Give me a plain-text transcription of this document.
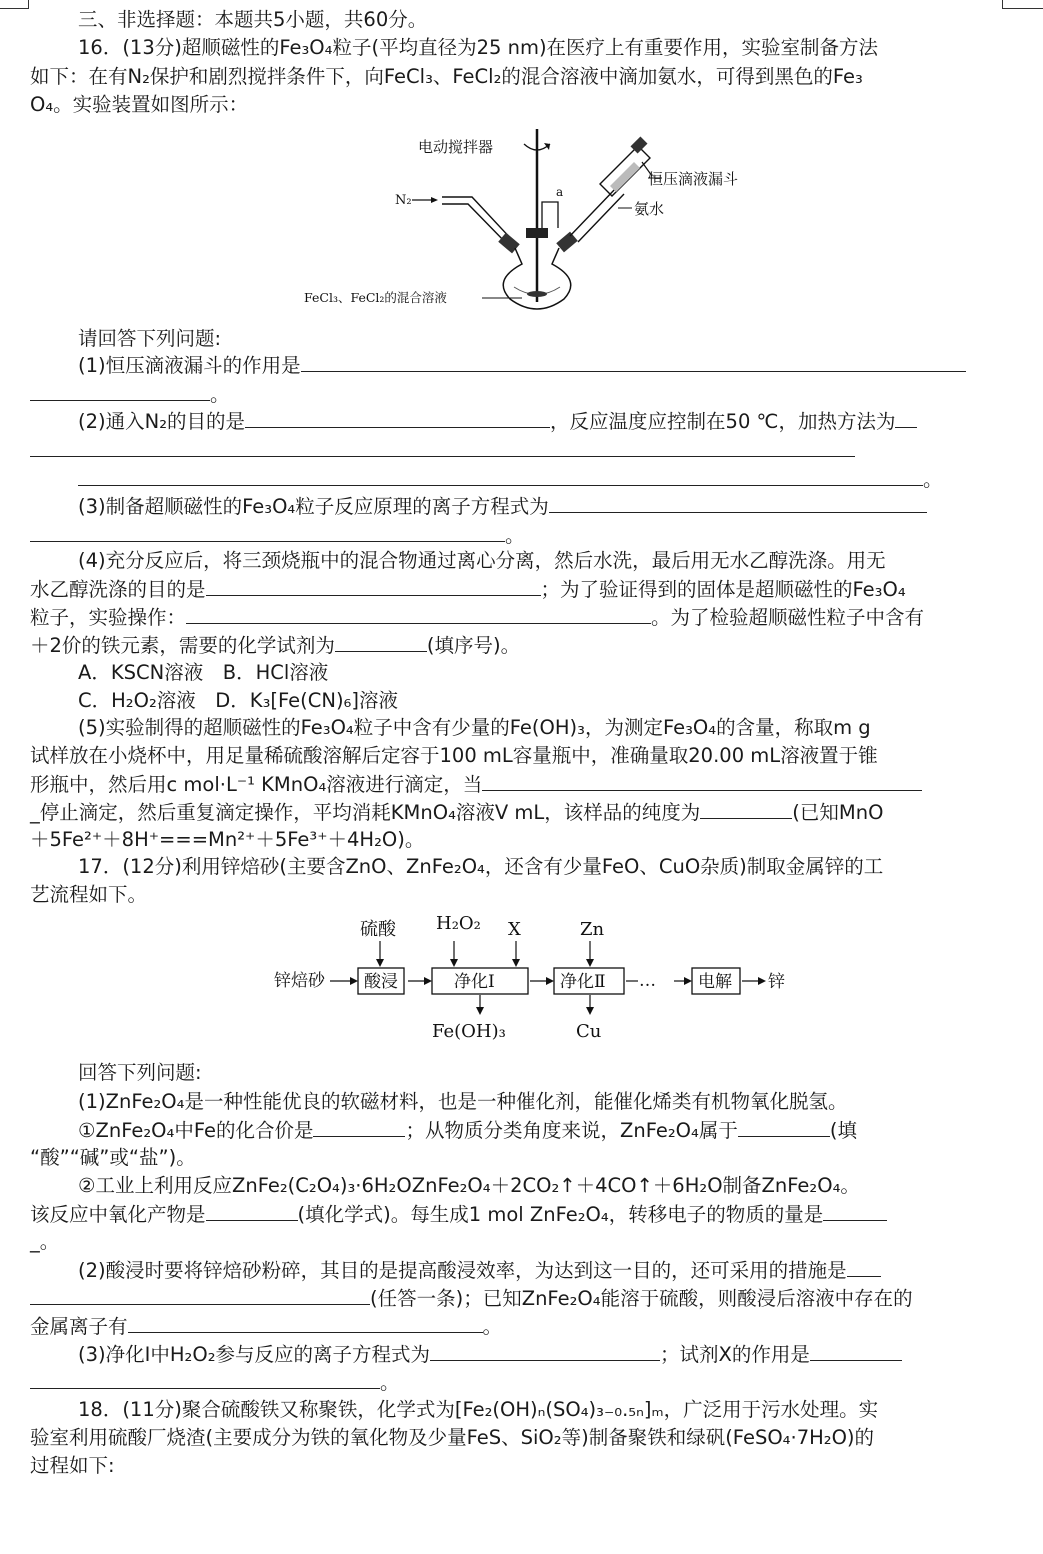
三、非选择题：本题共5小题，共60分。
16．(13分)超顺磁性的Fe₃O₄粒子(平均直径为25 nm)在医疗上有重要作用，实验室制备方法
如下：在有N₂保护和剧烈搅拌条件下，向FeCl₃、FeCl₂的混合溶液中滴加氨水，可得到黑色的Fe₃
O₄。实验装置如图所示：
电动搅拌器
N₂
a
恒压滴液漏斗
氨水
FeCl₃、FeCl₂的混合溶液
请回答下列问题:
(1)恒压滴液漏斗的作用是
。
(2)通入N₂的目的是	，反应温度应控制在50 ℃，加热方法为
。
(3)制备超顺磁性的Fe₃O₄粒子反应原理的离子方程式为
。
(4)充分反应后，将三颈烧瓶中的混合物通过离心分离，然后水洗，最后用无水乙醇洗涤。用无
水乙醇洗涤的目的是	；为了验证得到的固体是超顺磁性的Fe₃O₄
粒子，实验操作：	。为了检验超顺磁性粒子中含有
＋2价的铁元素，需要的化学试剂为	(填序号)。
A．KSCN溶液　B．HCl溶液
C．H₂O₂溶液　D．K₃[Fe(CN)₆]溶液
(5)实验制得的超顺磁性的Fe₃O₄粒子中含有少量的Fe(OH)₃，为测定Fe₃O₄的含量，称取m g
试样放在小烧杯中，用足量稀硫酸溶解后定容于100 mL容量瓶中，准确量取20.00 mL溶液置于锥
形瓶中，然后用c mol·L⁻¹ KMnO₄溶液进行滴定，当
_停止滴定，然后重复滴定操作，平均消耗KMnO₄溶液V mL，该样品的纯度为	(已知MnO
＋5Fe²⁺＋8H⁺===Mn²⁺＋5Fe³⁺＋4H₂O)。
17．(12分)利用锌焙砂(主要含ZnO、ZnFe₂O₄，还含有少量FeO、CuO杂质)制取金属锌的工
艺流程如下。
硫酸 H₂O₂ X	Zn
锌焙砂 酸浸	净化Ⅰ	净化Ⅱ … 电解 锌
Fe(OH)₃	Cu
回答下列问题:
(1)ZnFe₂O₄是一种性能优良的软磁材料，也是一种催化剂，能催化烯类有机物氧化脱氢。
①ZnFe₂O₄中Fe的化合价是	；从物质分类角度来说，ZnFe₂O₄属于	(填
“酸”“碱”或“盐”)。
②工业上利用反应ZnFe₂(C₂O₄)₃·6H₂OZnFe₂O₄＋2CO₂↑＋4CO↑＋6H₂O制备ZnFe₂O₄。
该反应中氧化产物是	(填化学式)。每生成1 mol ZnFe₂O₄，转移电子的物质的量是
_。
(2)酸浸时要将锌焙砂粉碎，其目的是提高酸浸效率，为达到这一目的，还可采用的措施是
(任答一条)；已知ZnFe₂O₄能溶于硫酸，则酸浸后溶液中存在的
金属离子有	。
(3)净化Ⅰ中H₂O₂参与反应的离子方程式为	；试剂X的作用是
。
18．(11分)聚合硫酸铁又称聚铁，化学式为[Fe₂(OH)ₙ(SO₄)₃₋₀.₅ₙ]ₘ，广泛用于污水处理。实
验室利用硫酸厂烧渣(主要成分为铁的氧化物及少量FeS、SiO₂等)制备聚铁和绿矾(FeSO₄·7H₂O)的
过程如下:
